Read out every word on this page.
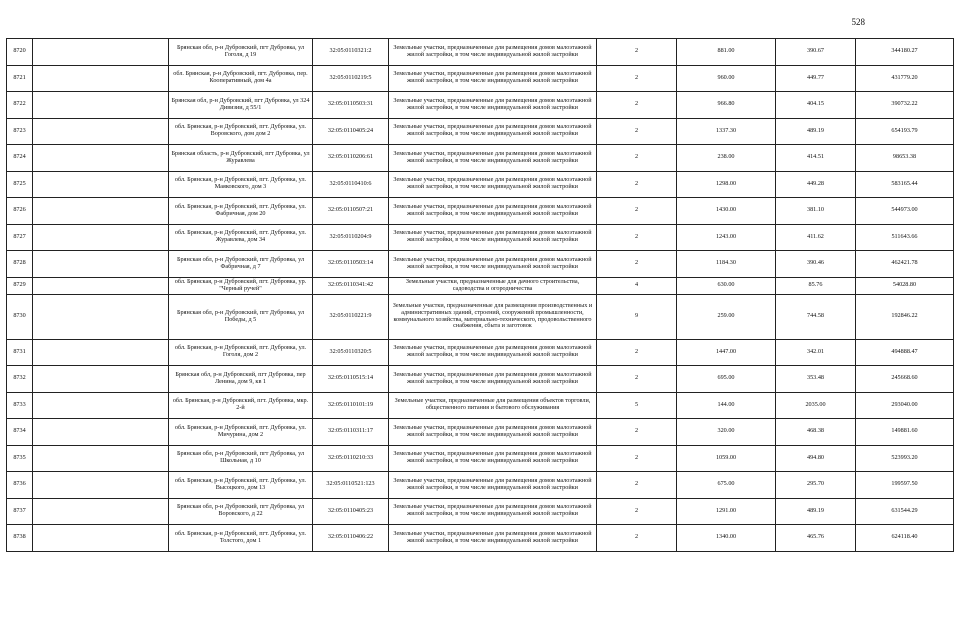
528
8720		Брянская обл, р-н Дубровский, пгт Дубровка, ул Гоголя, д 19	32:05:0110321:2	Земельные участки, предназначенные для размещения домов малоэтажной жилой застройки, в том числе индивидуальной жилой застройки	2	881.00	390.67	344180.27
8721		обл. Брянская, р-н Дубровский, пгт. Дубровка, пер. Кооперативный, дом 4а	32:05:0110219:5	Земельные участки, предназначенные для размещения домов малоэтажной жилой застройки, в том числе индивидуальной жилой застройки	2	960.00	449.77	431779.20
8722		Брянская обл, р-н Дубровский, пгт Дубровка, ул 324 Дивизии, д 55/1	32:05:0110503:31	Земельные участки, предназначенные для размещения домов малоэтажной жилой застройки, в том числе индивидуальной жилой застройки	2	966.80	404.15	390732.22
8723		обл. Брянская, р-н Дубровский, пгт. Дубровка, ул. Воровского, дом дом 2	32:05:0110405:24	Земельные участки, предназначенные для размещения домов малоэтажной жилой застройки, в том числе индивидуальной жилой застройки	2	1337.30	489.19	654193.79
8724		Брянская область, р-н Дубровский, пгт Дубровка, ул Журавлева	32:05:0110206:61	Земельные участки, предназначенные для размещения домов малоэтажной жилой застройки, в том числе индивидуальной жилой застройки	2	238.00	414.51	98653.38
8725		обл. Брянская, р-н Дубровский, пгт. Дубровка, ул. Маяковского, дом 3	32:05:0110410:6	Земельные участки, предназначенные для размещения домов малоэтажной жилой застройки, в том числе индивидуальной жилой застройки	2	1298.00	449.28	583165.44
8726		обл. Брянская, р-н Дубровский, пгт. Дубровка, ул. Фабричная, дом 20	32:05:0110507:21	Земельные участки, предназначенные для размещения домов малоэтажной жилой застройки, в том числе индивидуальной жилой застройки	2	1430.00	381.10	544973.00
8727		обл. Брянская, р-н Дубровский, пгт. Дубровка, ул. Журавлева, дом 34	32:05:0110204:9	Земельные участки, предназначенные для размещения домов малоэтажной жилой застройки, в том числе индивидуальной жилой застройки	2	1243.00	411.62	511643.66
8728		Брянская обл, р-н Дубровский, пгт Дубровка, ул Фабричная, д 7	32:05:0110503:14	Земельные участки, предназначенные для размещения домов малоэтажной жилой застройки, в том числе индивидуальной жилой застройки	2	1184.30	390.46	462421.78
8729		обл. Брянская, р-н Дубровский, пгт. Дубровка, ур. "Черный ручей"	32:05:0110341:42	Земельные участки, предназначенные для дачного строительства, садоводства и огородничества	4	630.00	85.76	54028.80
8730		Брянская обл, р-н Дубровский, пгт Дубровка, ул Победы, д 5	32:05:0110221:9	Земельные участки, предназначенные для размещения производственных и административных зданий, строений, сооружений промышленности, коммунального хозяйства, материально-технического, продовольственного снабжения, сбыта и заготовок	9	259.00	744.58	192846.22
8731		обл. Брянская, р-н Дубровский, пгт. Дубровка, ул. Гоголя, дом 2	32:05:0110320:5	Земельные участки, предназначенные для размещения домов малоэтажной жилой застройки, в том числе индивидуальной жилой застройки	2	1447.00	342.01	494888.47
8732		Брянская обл, р-н Дубровский, пгт Дубровка, пер Ленина, дом 9, кв 1	32:05:0110515:14	Земельные участки, предназначенные для размещения домов малоэтажной жилой застройки, в том числе индивидуальной жилой застройки	2	695.00	353.48	245668.60
8733		обл. Брянская, р-н Дубровский, пгт. Дубровка, мкр. 2-й	32:05:0110101:19	Земельные участки, предназначенные для размещения объектов торговли, общественного питания и бытового обслуживания	5	144.00	2035.00	293040.00
8734		обл. Брянская, р-н Дубровский, пгт. Дубровка, ул. Мичурина, дом 2	32:05:0110311:17	Земельные участки, предназначенные для размещения домов малоэтажной жилой застройки, в том числе индивидуальной жилой застройки	2	320.00	468.38	149881.60
8735		Брянская обл, р-н Дубровский, пгт Дубровка, ул Школьная, д 10	32:05:0110210:33	Земельные участки, предназначенные для размещения домов малоэтажной жилой застройки, в том числе индивидуальной жилой застройки	2	1059.00	494.80	523993.20
8736		обл. Брянская, р-н Дубровский, пгт. Дубровка, ул. Высоцкого, дом 13	32:05:0110521:123	Земельные участки, предназначенные для размещения домов малоэтажной жилой застройки, в том числе индивидуальной жилой застройки	2	675.00	295.70	199597.50
8737		Брянская обл, р-н Дубровский, пгт Дубровка, ул Воровского, д 22	32:05:0110405:23	Земельные участки, предназначенные для размещения домов малоэтажной жилой застройки, в том числе индивидуальной жилой застройки	2	1291.00	489.19	631544.29
8738		обл. Брянская, р-н Дубровский, пгт. Дубровка, ул. Толстого, дом 1	32:05:0110406:22	Земельные участки, предназначенные для размещения домов малоэтажной жилой застройки, в том числе индивидуальной жилой застройки	2	1340.00	465.76	624118.40
